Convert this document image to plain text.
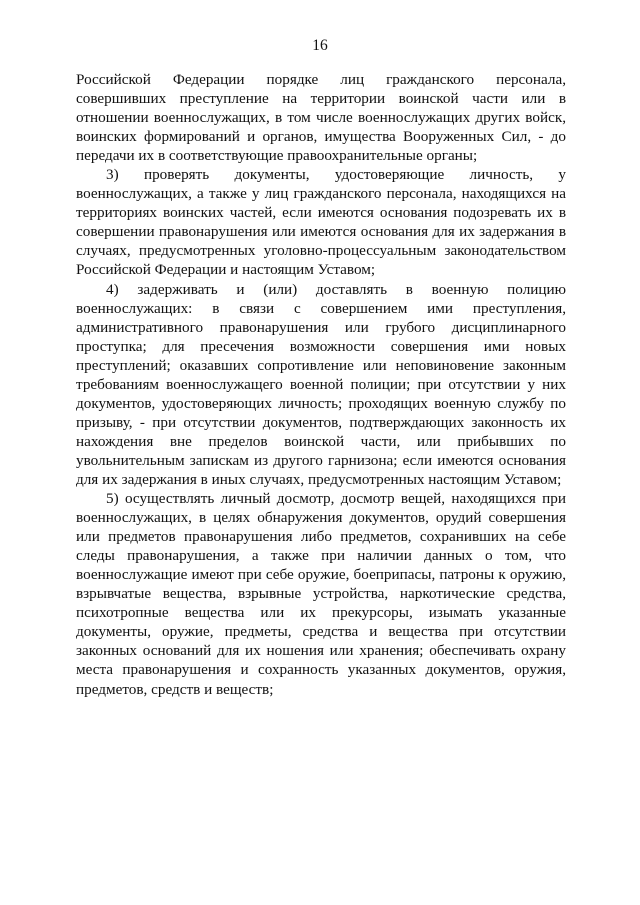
16

Российской Федерации порядке лиц гражданского персонала, совершивших преступление на территории воинской части или в отношении военнослужащих, в том числе военнослужащих других войск, воинских формирований и органов, имущества Вооруженных Сил, - до передачи их в соответствующие правоохранительные органы;

3) проверять документы, удостоверяющие личность, у военнослужащих, а также у лиц гражданского персонала, находящихся на территориях воинских частей, если имеются основания подозревать их в совершении правонарушения или имеются основания для их задержания в случаях, предусмотренных уголовно-процессуальным законодательством Российской Федерации и настоящим Уставом;

4) задерживать и (или) доставлять в военную полицию военнослужащих: в связи с совершением ими преступления, административного правонарушения или грубого дисциплинарного проступка; для пресечения возможности совершения ими новых преступлений; оказавших сопротивление или неповиновение законным требованиям военнослужащего военной полиции; при отсутствии у них документов, удостоверяющих личность; проходящих военную службу по призыву, - при отсутствии документов, подтверждающих законность их нахождения вне пределов воинской части, или прибывших по увольнительным запискам из другого гарнизона; если имеются основания для их задержания в иных случаях, предусмотренных настоящим Уставом;

5) осуществлять личный досмотр, досмотр вещей, находящихся при военнослужащих, в целях обнаружения документов, орудий совершения или предметов правонарушения либо предметов, сохранивших на себе следы правонарушения, а также при наличии данных о том, что военнослужащие имеют при себе оружие, боеприпасы, патроны к оружию, взрывчатые вещества, взрывные устройства, наркотические средства, психотропные вещества или их прекурсоры, изымать указанные документы, оружие, предметы, средства и вещества при отсутствии законных оснований для их ношения или хранения; обеспечивать охрану места правонарушения и сохранность указанных документов, оружия, предметов, средств и веществ;
